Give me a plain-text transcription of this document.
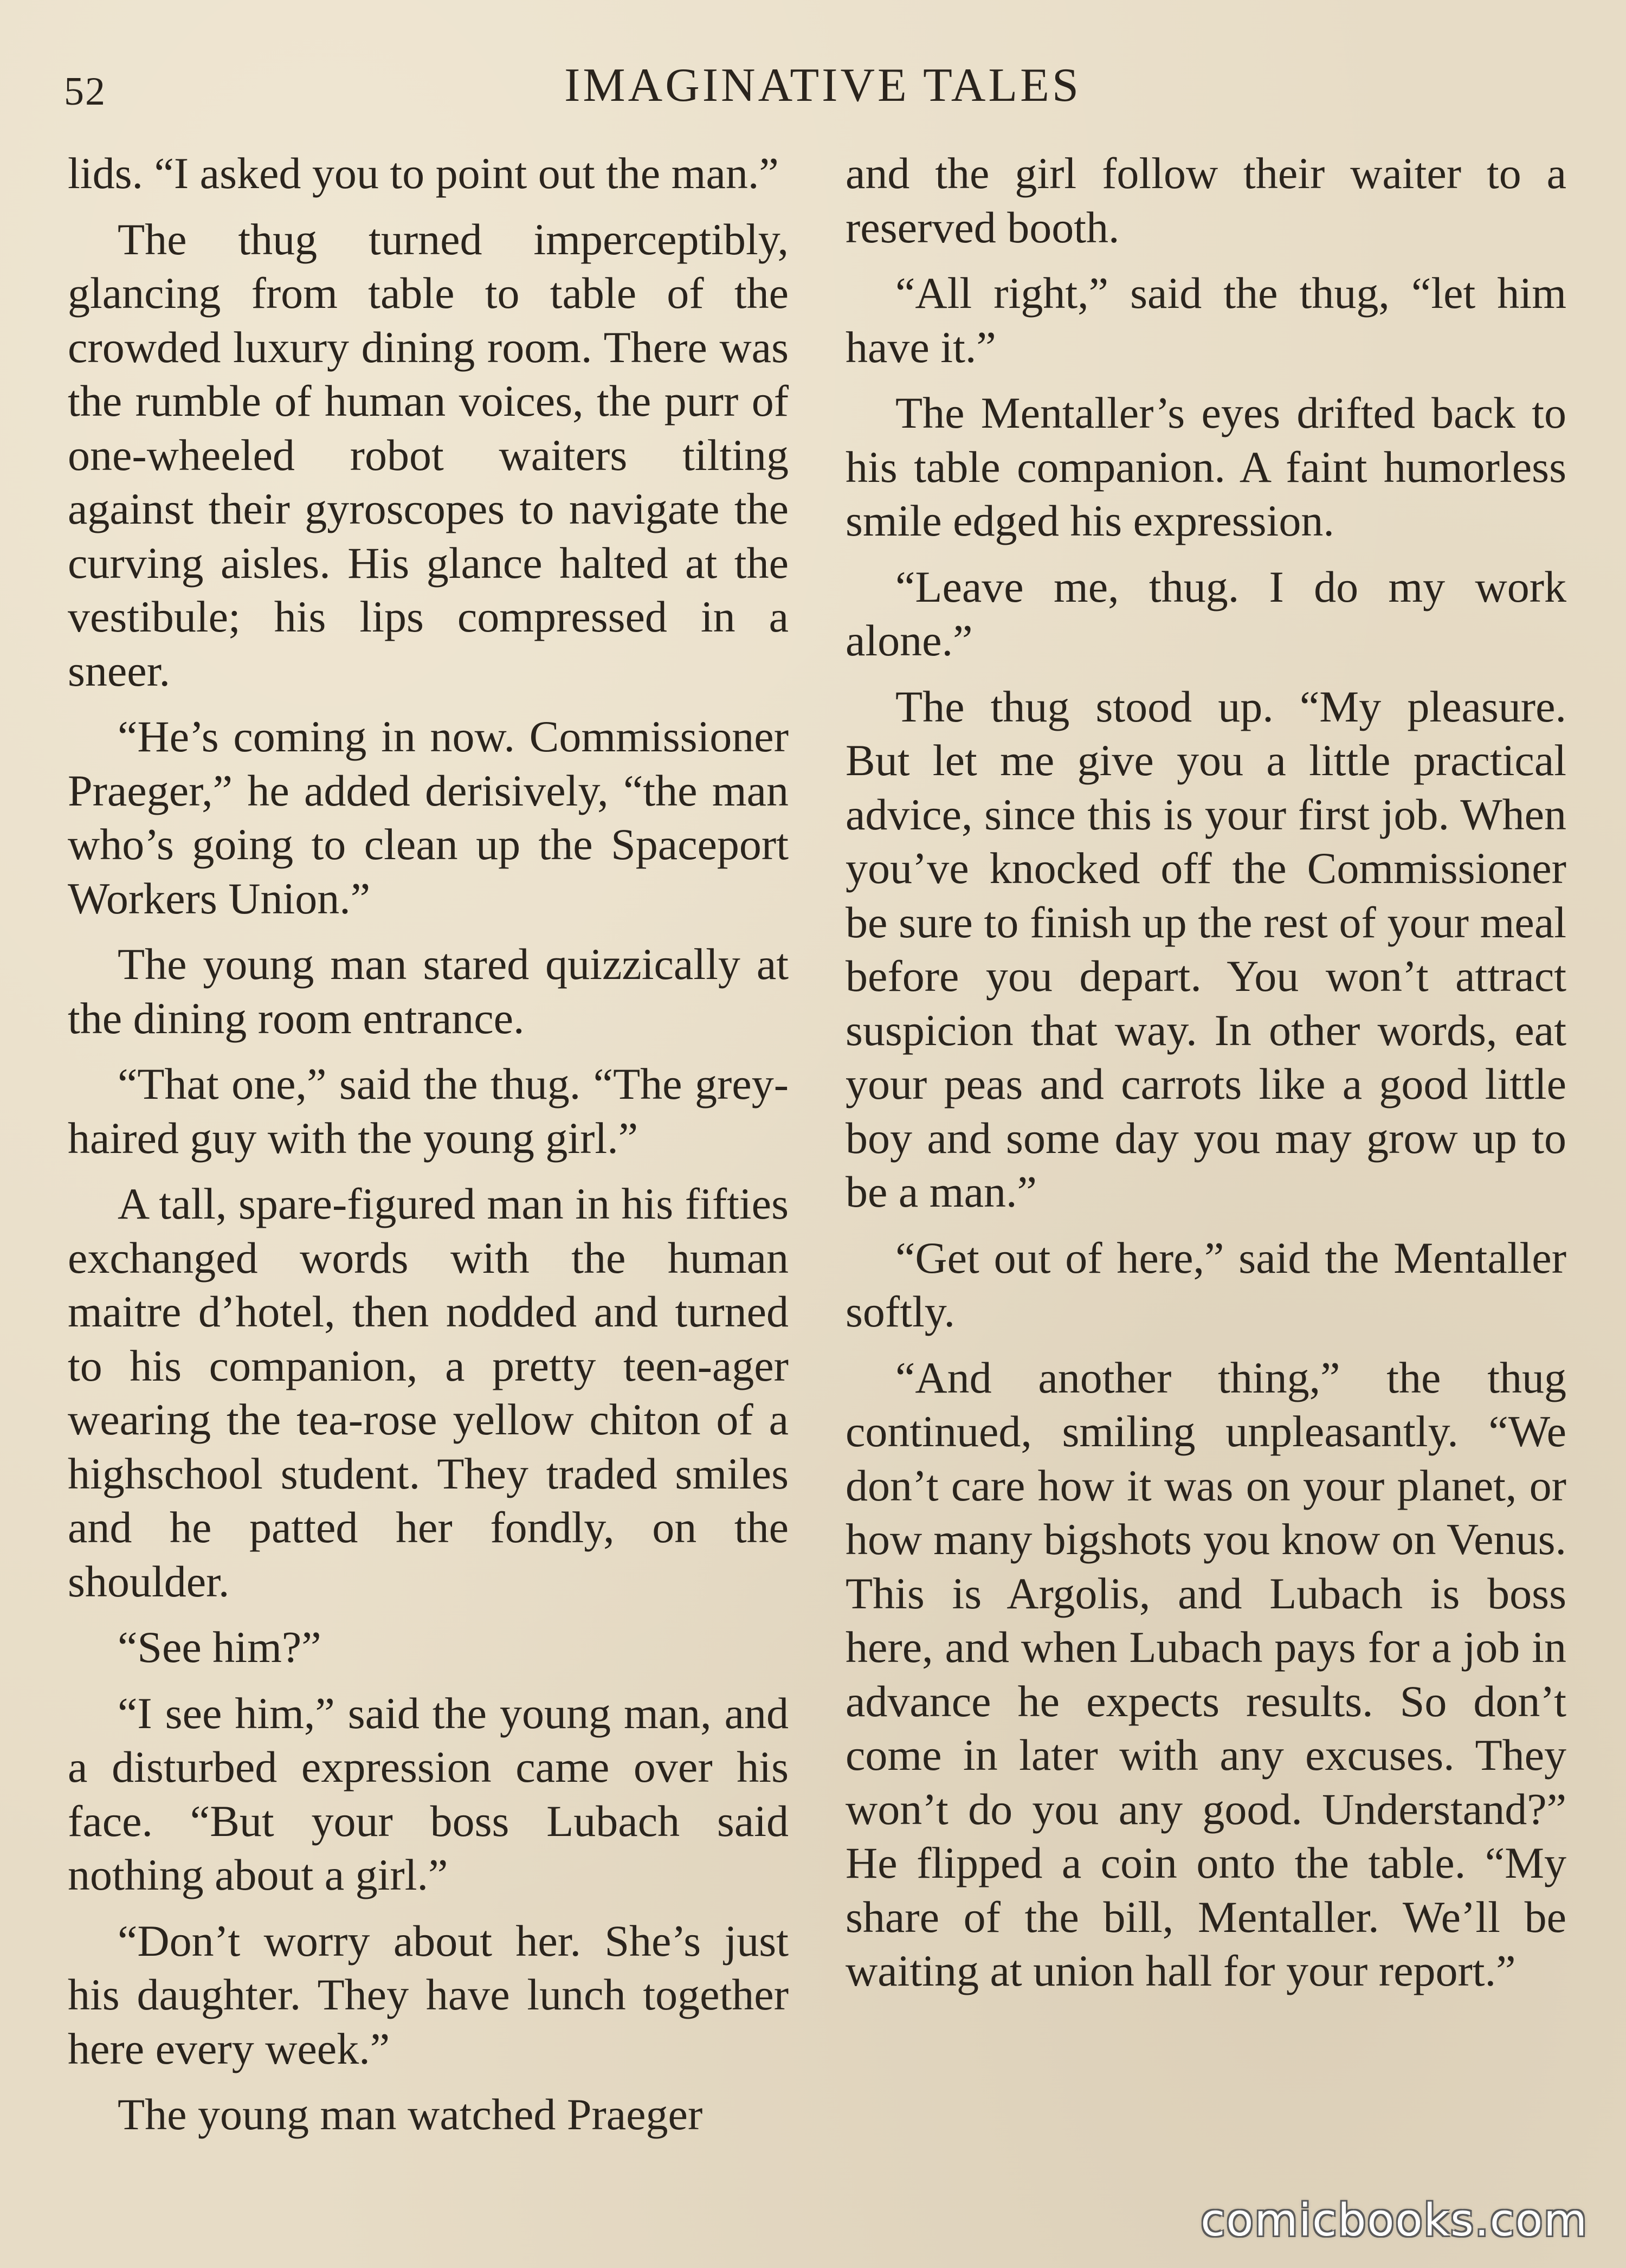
52	IMAGINATIVE TALES

lids. “I asked you to point out the man.”

The thug turned imperceptibly, glancing from table to table of the crowded luxury dining room. There was the rumble of human voices, the purr of one-wheeled robot waiters tilting against their gyroscopes to navigate the curving aisles. His glance halted at the vestibule; his lips compressed in a sneer.

“He’s coming in now. Commissioner Praeger,” he added derisively, “the man who’s going to clean up the Spaceport Workers Union.”

The young man stared quizzically at the dining room entrance.

“That one,” said the thug. “The grey-haired guy with the young girl.”

A tall, spare-figured man in his fifties exchanged words with the human maitre d’hotel, then nodded and turned to his companion, a pretty teen-ager wearing the tea-rose yellow chiton of a highschool student. They traded smiles and he patted her fondly, on the shoulder.

“See him?”

“I see him,” said the young man, and a disturbed expression came over his face. “But your boss Lubach said nothing about a girl.”

“Don’t worry about her. She’s just his daughter. They have lunch together here every week.”

The young man watched Praeger

and the girl follow their waiter to a reserved booth.

“All right,” said the thug, “let him have it.”

The Mentaller’s eyes drifted back to his table companion. A faint humorless smile edged his expression.

“Leave me, thug. I do my work alone.”

The thug stood up. “My pleasure. But let me give you a little practical advice, since this is your first job. When you’ve knocked off the Commissioner be sure to finish up the rest of your meal before you depart. You won’t attract suspicion that way. In other words, eat your peas and carrots like a good little boy and some day you may grow up to be a man.”

“Get out of here,” said the Mentaller softly.

“And another thing,” the thug continued, smiling unpleasantly. “We don’t care how it was on your planet, or how many bigshots you know on Venus. This is Argolis, and Lubach is boss here, and when Lubach pays for a job in advance he expects results. So don’t come in later with any excuses. They won’t do you any good. Understand?” He flipped a coin onto the table. “My share of the bill, Mentaller. We’ll be waiting at union hall for your report.”

comicbooks.com
